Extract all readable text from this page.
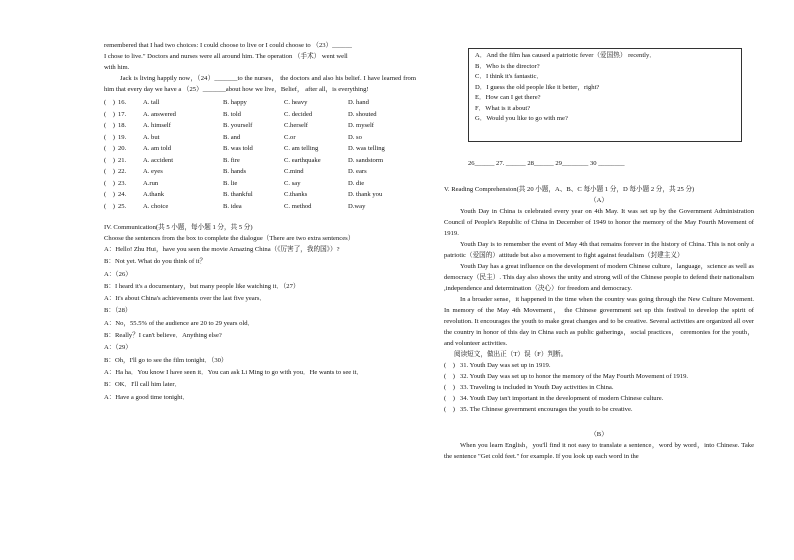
remembered that I had two choices: I could choose to live or I could choose to （23）______

I chose to live." Doctors and nurses were all around him. The operation （手术） went well

with him.

Jack is living happily now，（24）_______to the nurses， the doctors and also his belief. I have learned from him that every day we have a （25）_______about how we live，Belief， after all，is everything!

(　) 16.	A. tall	B. happy	C. heavy	D. hand
(　) 17.	A. answered	B. told	C. decided	D. shouted
(　) 18.	A. himself	B. yourself	C.herself	D. myself
(　) 19.	A. but	B. and	C.or	D. so
(　) 20.	A. am told	B. was told	C. am telling	D. was telling
(　) 21.	A. accident	B. fire	C. earthquake	D. sandstorm
(　) 22.	A. eyes	B. hands	C.mind	D. ears
(　) 23.	A.run	B. lie	C. say	D. die
(　) 24.	A.thank	B. thankful	C.thanks	D. thank you
(　) 25.	A. choice	B. idea	C. method	D.way

IV. Communication(共 5 小题，每小题 1 分，共 5 分)

Choose the sentences from the box to complete the dialogue（There are two extra sentences）

A：Hello! Zhu Hui，have you seen the movie Amazing China（《厉害了，我的国》）?

B：Not yet. What do you think of it？

A：（26）

B：I heard it's a documentary，but many people like watching it．（27）

A：It's about China's achievements over the last five years．

B：（28）

A：No，55.5% of the audience are 20 to 29 years old．

B：Really？I can't believe．Anything else?

A：（29）

B：Oh，I'll go to see the film tonight．（30）

A：Ha ha．You know I have seen it．You can ask Li Ming to go with you．He wants to see it．

B：OK．I'll call him later．

A：Have a good time tonight．

A．And the film has caused a patriotic fever（爱国热） recently．

B．Who is the director?

C．I think it's fantastic．

D．I guess the old people like it better，right?

E．How can I get there?

F．What is it about?

G．Would you like to go with me?

26______ 27. ______ 28______ 29________ 30 ________

V. Reading Comprehension(共 20 小题，A、B、C 每小题 1 分，D 每小题 2 分，共 25 分)

（A）

Youth Day in China is celebrated every year on 4th May. It was set up by the Government Administration Council of People's Republic of China in December of 1949 to honor the memory of the May Fourth Movement of 1919.

Youth Day is to remember the event of May 4th that remains forever in the history of China. This is not only a patriotic（爱国的）attitude but also a movement to fight against feudalism（封建主义）

Youth Day has a great influence on the development of modern Chinese culture，language，science as well as democracy（民主）. This day also shows the unity and strong will of the Chinese people to defend their nationalism ,independence and determination（决心）for freedom and democracy.

In a broader sense，it happened in the time when the country was going through the New Culture Movement. In memory of the May 4th Movement， the Chinese government set up this festival to develop the spirit of revolution. It encourages the youth to make great changes and to be creative. Several activities are organized all over the country in honor of this day in China such as public gatherings，social practices， ceremonies for the youth， and volunteer activities.

阅读短文，做出正（T）误（F）判断。

(　) 31. Youth Day was set up in 1919.
(　) 32. Youth Day was set up to honor the memory of the May Fourth Movement of 1919.
(　) 33. Traveling is included in Youth Day activities in China.
(　) 34. Youth Day isn't important in the development of modern Chinese culture.
(　) 35. The Chinese government encourages the youth to be creative.

（B）

When you learn English，you'll find it not easy to translate a sentence，word by word，into Chinese. Take the sentence "Get cold feet." for example. If you look up each word in the
